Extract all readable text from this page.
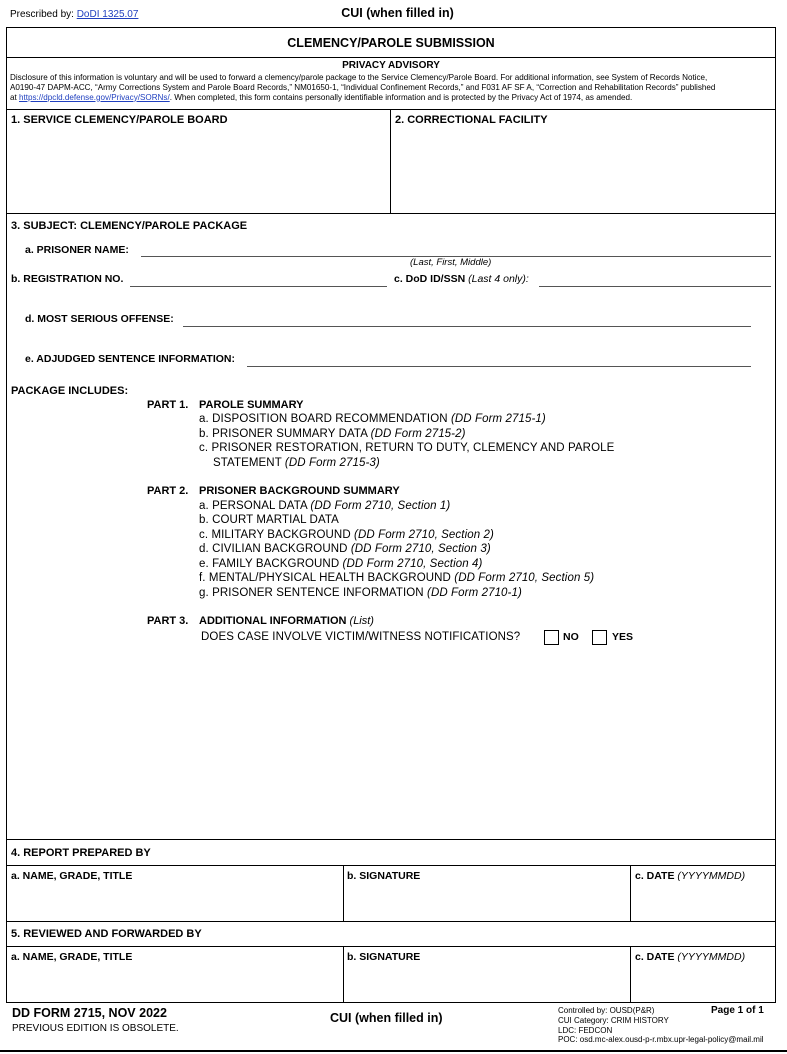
Prescribed by: DoDI 1325.07	CUI (when filled in)
CLEMENCY/PAROLE SUBMISSION
PRIVACY ADVISORY
Disclosure of this information is voluntary and will be used to forward a clemency/parole package to the Service Clemency/Parole Board. For additional information, see System of Records Notice,
A0190-47 DAPM-ACC, “Army Corrections System and Parole Board Records,” NM01650-1, “Individual Confinement Records,” and F031 AF SF A, “Correction and Rehabilitation Records” published
at https://dpcld.defense.gov/Privacy/SORNs/. When completed, this form contains personally identifiable information and is protected by the Privacy Act of 1974, as amended.
1. SERVICE CLEMENCY/PAROLE BOARD	2. CORRECTIONAL FACILITY
3. SUBJECT: CLEMENCY/PAROLE PACKAGE
a. PRISONER NAME:
(Last, First, Middle)
b. REGISTRATION NO.	c. DoD ID/SSN (Last 4 only):
d. MOST SERIOUS OFFENSE:
e. ADJUDGED SENTENCE INFORMATION:
PACKAGE INCLUDES:
PART 1. PAROLE SUMMARY
a. DISPOSITION BOARD RECOMMENDATION (DD Form 2715-1)
b. PRISONER SUMMARY DATA (DD Form 2715-2)
c. PRISONER RESTORATION, RETURN TO DUTY, CLEMENCY AND PAROLE
STATEMENT (DD Form 2715-3)
PART 2. PRISONER BACKGROUND SUMMARY
a. PERSONAL DATA (DD Form 2710, Section 1)
b. COURT MARTIAL DATA
c. MILITARY BACKGROUND (DD Form 2710, Section 2)
d. CIVILIAN BACKGROUND (DD Form 2710, Section 3)
e. FAMILY BACKGROUND (DD Form 2710, Section 4)
f. MENTAL/PHYSICAL HEALTH BACKGROUND (DD Form 2710, Section 5)
g. PRISONER SENTENCE INFORMATION (DD Form 2710-1)
PART 3. ADDITIONAL INFORMATION (List)
DOES CASE INVOLVE VICTIM/WITNESS NOTIFICATIONS?	NO	YES
4. REPORT PREPARED BY
a. NAME, GRADE, TITLE	b. SIGNATURE	c. DATE (YYYYMMDD)
5. REVIEWED AND FORWARDED BY
a. NAME, GRADE, TITLE	b. SIGNATURE	c. DATE (YYYYMMDD)
DD FORM 2715, NOV 2022
PREVIOUS EDITION IS OBSOLETE.
CUI (when filled in)
Controlled by: OUSD(P&R)
CUI Category: CRIM HISTORY
LDC: FEDCON
POC: osd.mc-alex.ousd-p-r.mbx.upr-legal-policy@mail.mil
Page 1 of 1
